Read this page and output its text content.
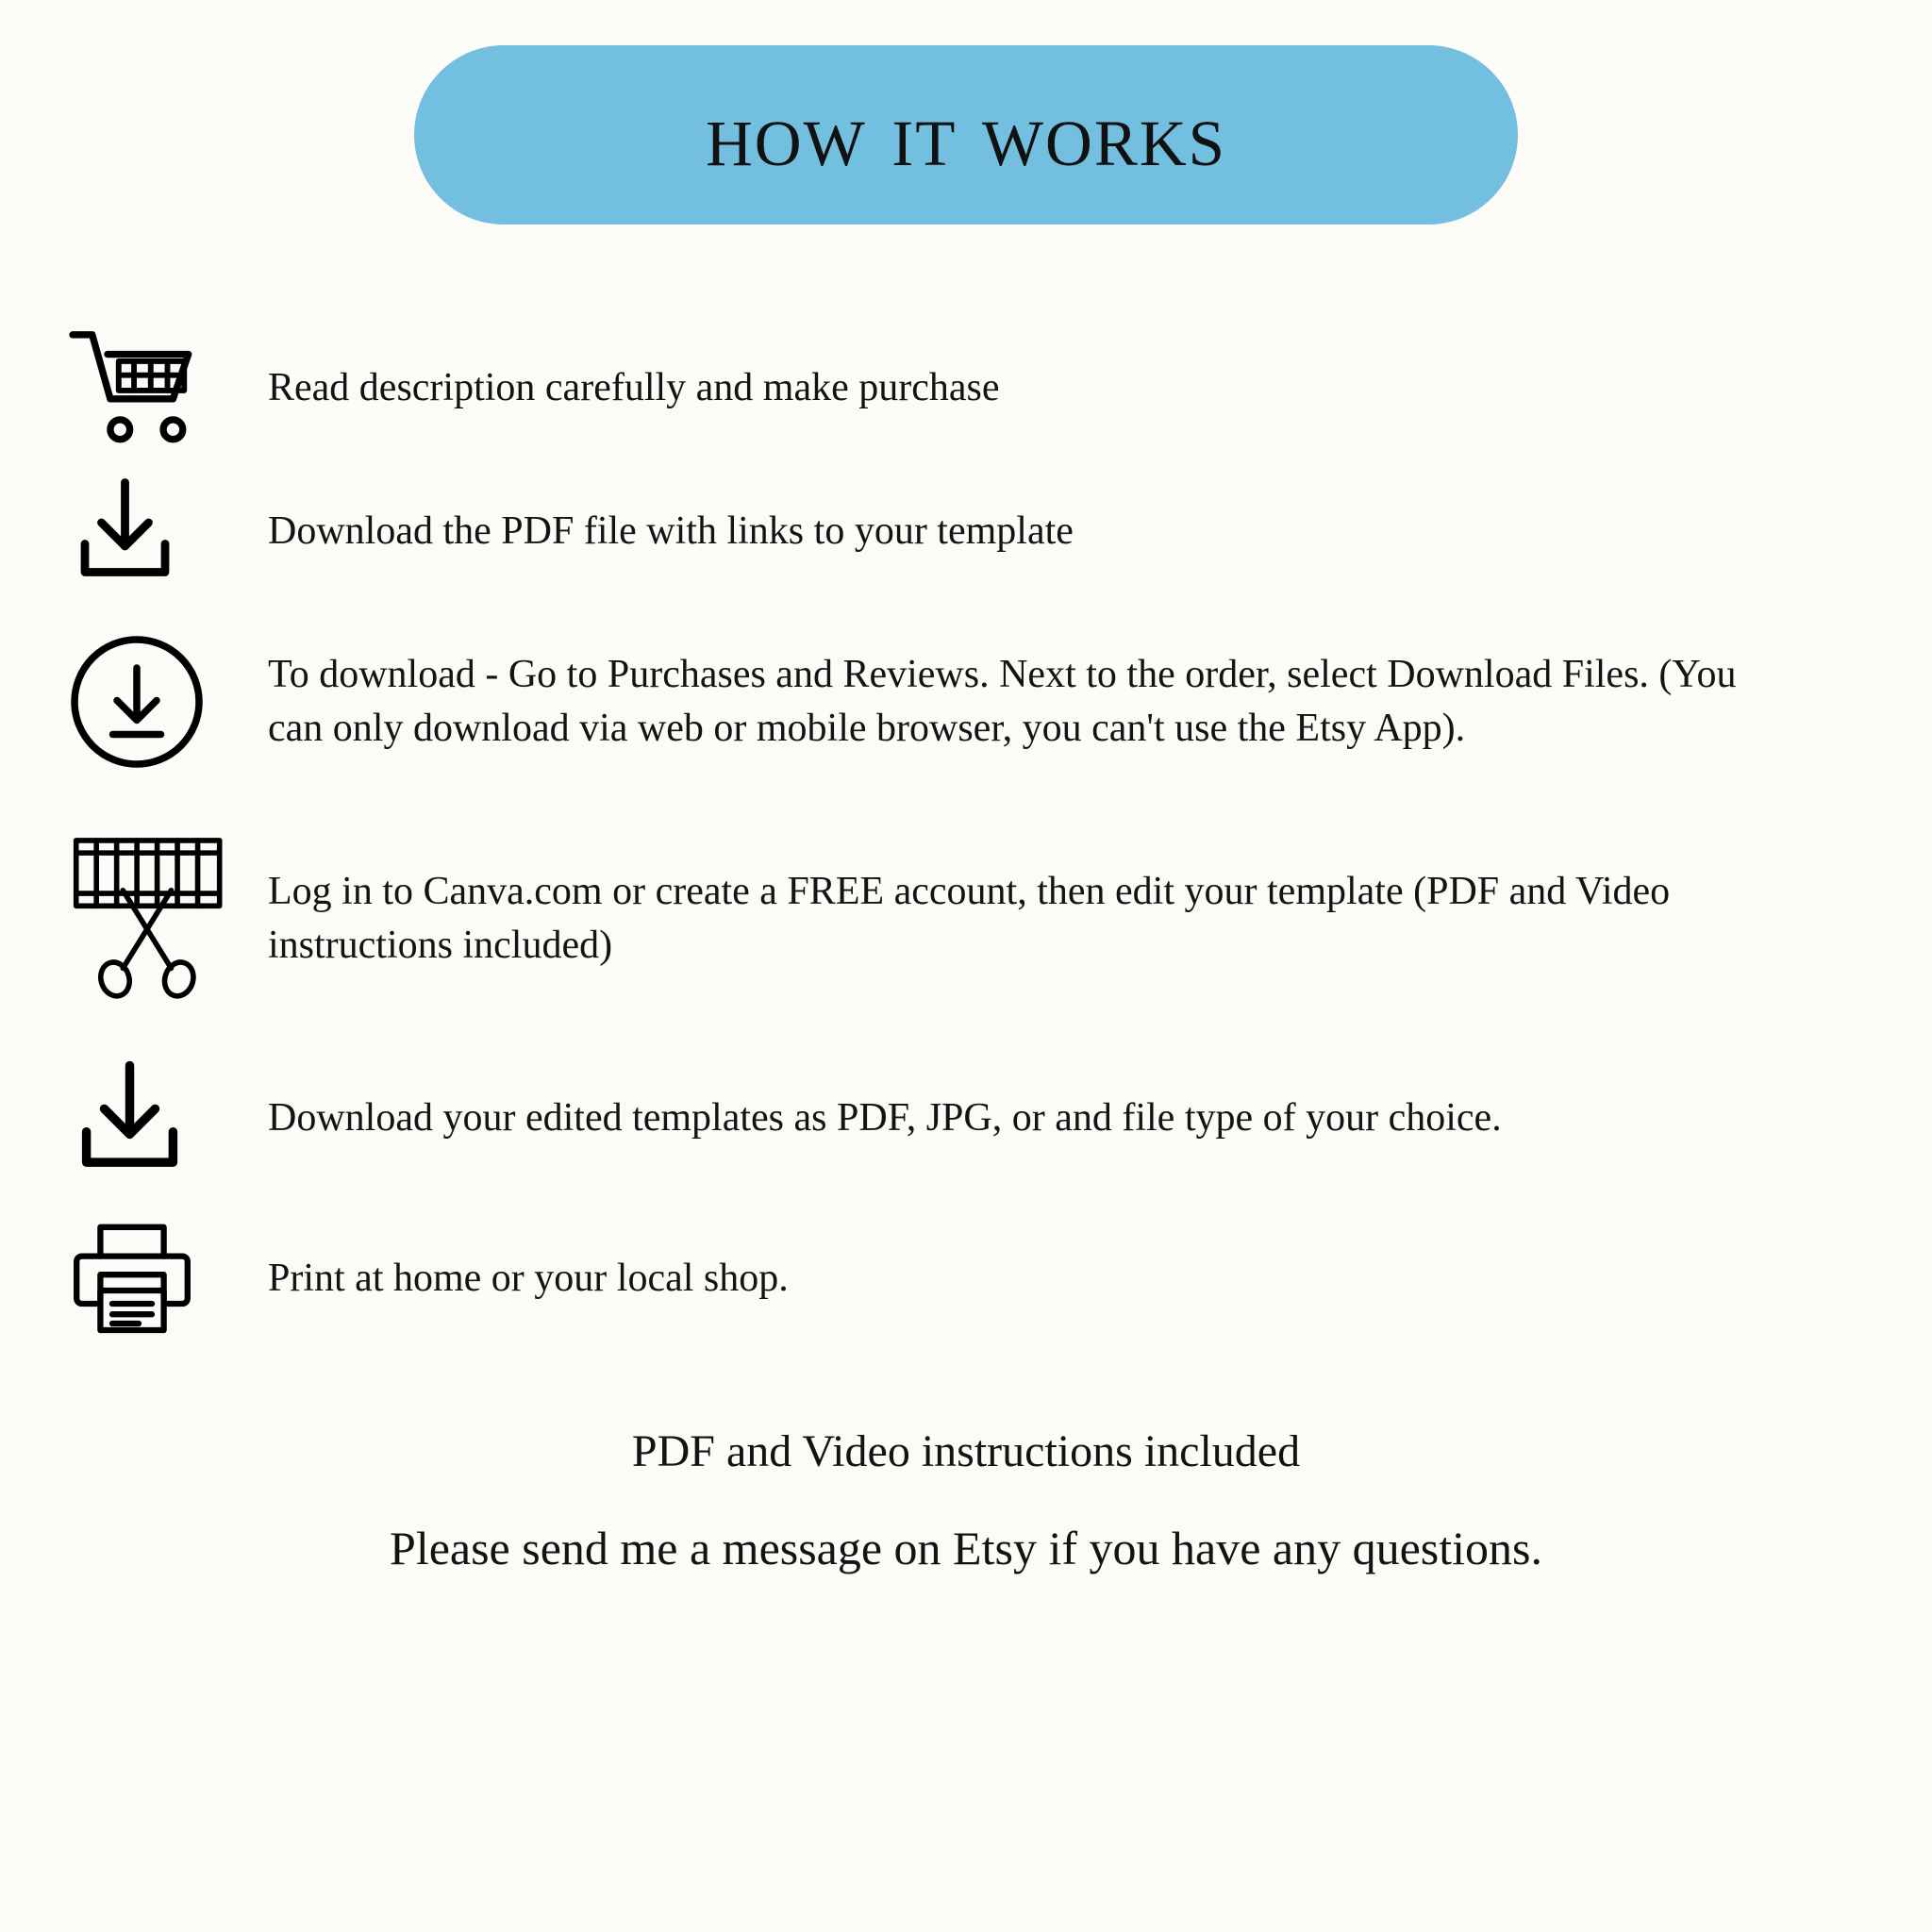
how it works
Read description carefully and make purchase
Download the PDF file with links to your template
To download - Go to Purchases and Reviews. Next to the order, select Download Files. (You can only download via web or mobile browser, you can't use the Etsy App).
Log in to Canva.com or create a FREE account, then edit your template (PDF and Video instructions included)
Download your edited templates as PDF, JPG, or and file type of your choice.
Print at home or your local shop.
PDF and Video instructions included
Please send me a message on Etsy if you have any questions.
